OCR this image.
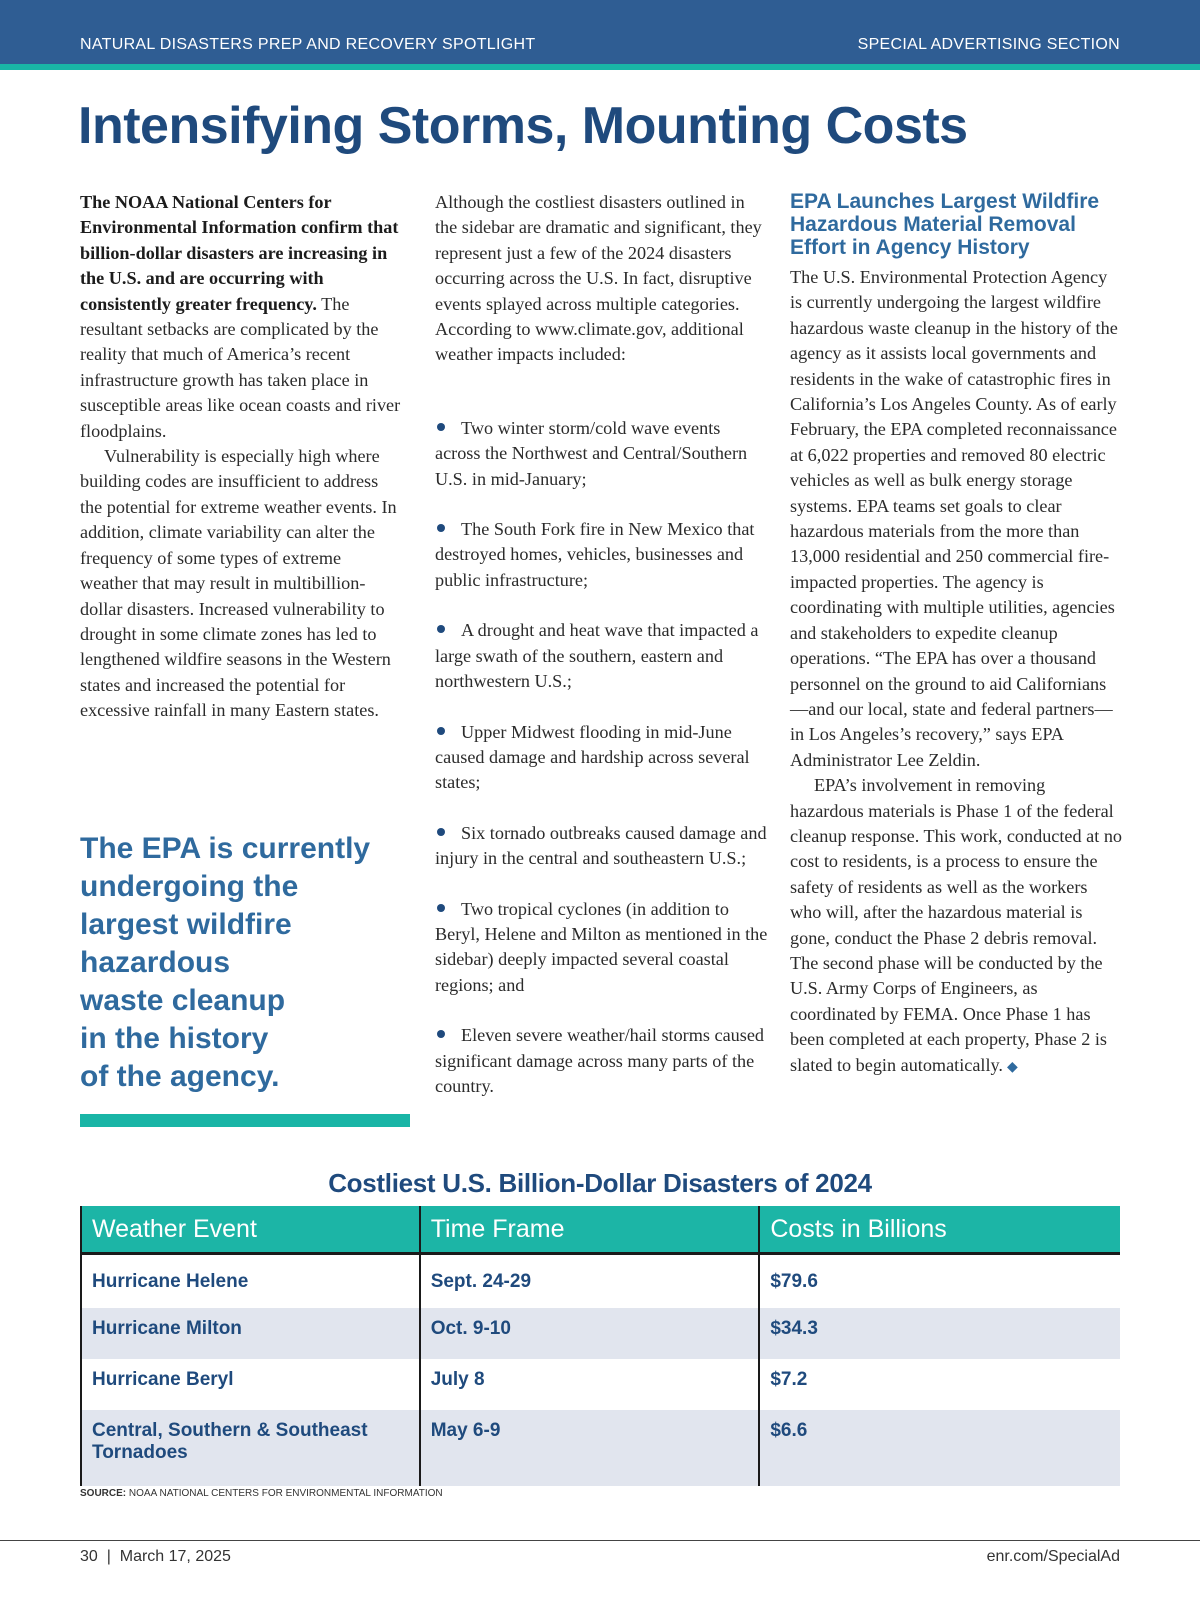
NATURAL DISASTERS PREP AND RECOVERY SPOTLIGHT	SPECIAL ADVERTISING SECTION
Intensifying Storms, Mounting Costs

The NOAA National Centers for Environmental Information confirm that billion-dollar disasters are increasing in the U.S. and are occurring with consistently greater frequency. The resultant setbacks are complicated by the reality that much of America’s recent infrastructure growth has taken place in susceptible areas like ocean coasts and river floodplains.

Vulnerability is especially high where building codes are insufficient to address the potential for extreme weather events. In addition, climate variability can alter the frequency of some types of extreme weather that may result in multibillion-dollar disasters. Increased vulnerability to drought in some climate zones has led to lengthened wildfire seasons in the Western states and increased the potential for excessive rainfall in many Eastern states.

The EPA is currently
undergoing the
largest wildfire
hazardous
waste cleanup
in the history
of the agency.

Although the costliest disasters outlined in the sidebar are dramatic and significant, they represent just a few of the 2024 disasters occurring across the U.S. In fact, disruptive events splayed across multiple categories. According to www.climate.gov, additional weather impacts included:

Two winter storm/cold wave events across the Northwest and Central/Southern U.S. in mid-January;
The South Fork fire in New Mexico that destroyed homes, vehicles, businesses and public infrastructure;
A drought and heat wave that impacted a large swath of the southern, eastern and northwestern U.S.;
Upper Midwest flooding in mid-June caused damage and hardship across several states;
Six tornado outbreaks caused damage and injury in the central and southeastern U.S.;
Two tropical cyclones (in addition to Beryl, Helene and Milton as mentioned in the sidebar) deeply impacted several coastal regions; and
Eleven severe weather/hail storms caused significant damage across many parts of the country.
EPA Launches Largest Wildfire Hazardous Material Removal Effort in Agency History

The U.S. Environmental Protection Agency is currently undergoing the largest wildfire hazardous waste cleanup in the history of the agency as it assists local governments and residents in the wake of catastrophic fires in California’s Los Angeles County. As of early February, the EPA completed reconnaissance at 6,022 properties and removed 80 electric vehicles as well as bulk energy storage systems. EPA teams set goals to clear hazardous materials from the more than 13,000 residential and 250 commercial fire-impacted properties. The agency is coordinating with multiple utilities, agencies and stakeholders to expedite cleanup operations. “The EPA has over a thousand personnel on the ground to aid Californians—and our local, state and federal partners—in Los Angeles’s recovery,” says EPA Administrator Lee Zeldin.

EPA’s involvement in removing hazardous materials is Phase 1 of the federal cleanup response. This work, conducted at no cost to residents, is a process to ensure the safety of residents as well as the workers who will, after the hazardous material is gone, conduct the Phase 2 debris removal. The second phase will be conducted by the U.S. Army Corps of Engineers, as coordinated by FEMA. Once Phase 1 has been completed at each property, Phase 2 is slated to begin automatically. ◆

Costliest U.S. Billion-Dollar Disasters of 2024
Weather Event	Time Frame	Costs in Billions
Hurricane Helene	Sept. 24-29	$79.6
Hurricane Milton	Oct. 9-10	$34.3
Hurricane Beryl	July 8	$7.2
Central, Southern & Southeast Tornadoes	May 6-9	$6.6
SOURCE: NOAA NATIONAL CENTERS FOR ENVIRONMENTAL INFORMATION
30  |  March 17, 2025	enr.com/SpecialAd
